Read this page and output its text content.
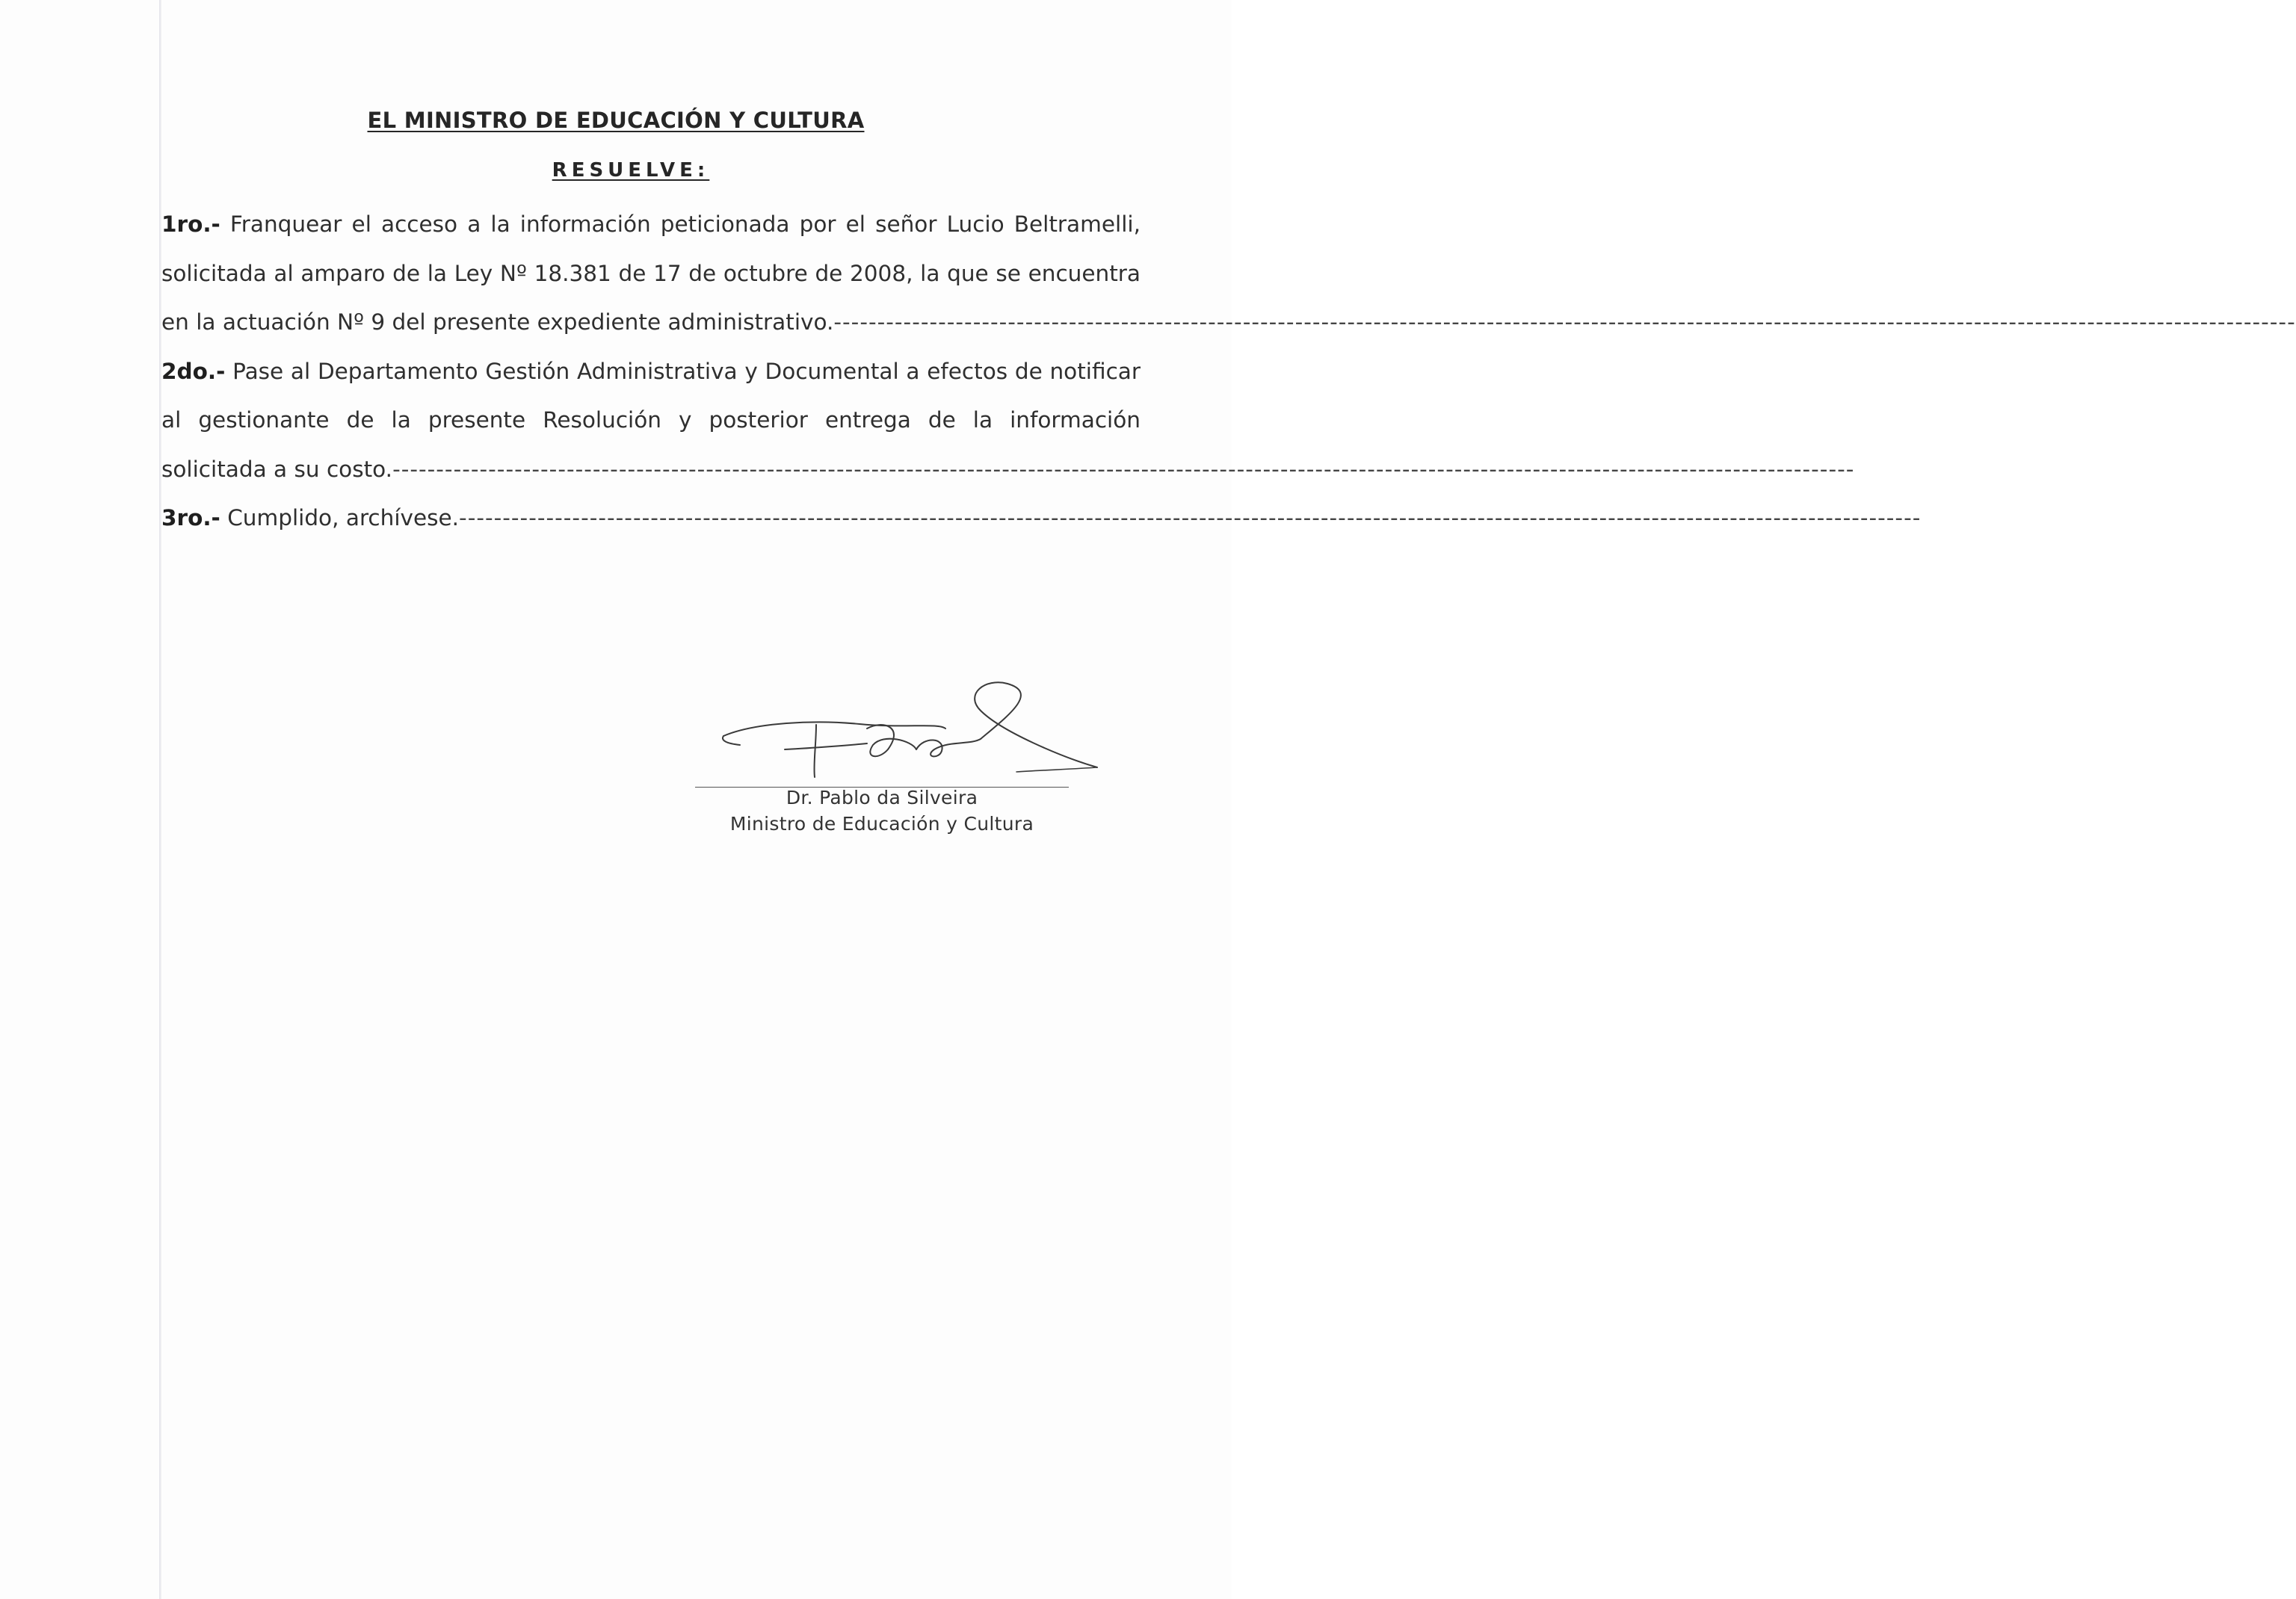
EL MINISTRO DE EDUCACIÓN Y CULTURA
RESUELVE:
1ro.- Franquear el acceso a la información peticionada por el señor Lucio Beltramelli,
solicitada al amparo de la Ley Nº 18.381 de 17 de octubre de 2008, la que se encuentra
en la actuación Nº 9 del presente expediente administrativo. ------------------------------------------------------------------------------------------------------------------------------------------------------------------------
2do.- Pase al Departamento Gestión Administrativa y Documental a efectos de notificar
al gestionante de la presente Resolución y posterior entrega de la información
solicitada a su costo. ------------------------------------------------------------------------------------------------------------------------------------------------------------------------
3ro.-
Cumplido, archívese. ------------------------------------------------------------------------------------------------------------------------------------------------------------------------
Dr. Pablo da Silveira
Ministro de Educación y Cultura
